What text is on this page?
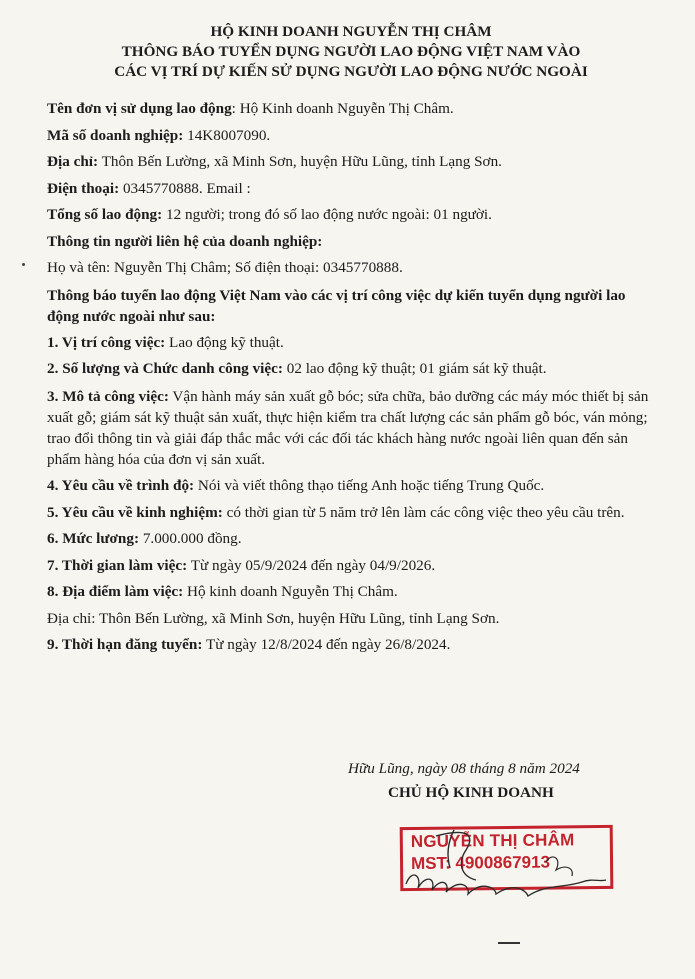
HỘ KINH DOANH NGUYỄN THỊ CHÂM
THÔNG BÁO TUYỂN DỤNG NGƯỜI LAO ĐỘNG VIỆT NAM VÀO
CÁC VỊ TRÍ DỰ KIẾN SỬ DỤNG NGƯỜI LAO ĐỘNG NƯỚC NGOÀI
Tên đơn vị sử dụng lao động: Hộ Kinh doanh Nguyễn Thị Châm.
Mã số doanh nghiệp: 14K8007090.
Địa chỉ: Thôn Bến Lường, xã Minh Sơn, huyện Hữu Lũng, tỉnh Lạng Sơn.
Điện thoại: 0345770888. Email :
Tổng số lao động: 12 người; trong đó số lao động nước ngoài: 01 người.
Thông tin người liên hệ của doanh nghiệp:
Họ và tên: Nguyễn Thị Châm; Số điện thoại: 0345770888.
Thông báo tuyển lao động Việt Nam vào các vị trí công việc dự kiến tuyển dụng người lao động nước ngoài như sau:
1. Vị trí công việc: Lao động kỹ thuật.
2. Số lượng và Chức danh công việc: 02 lao động kỹ thuật; 01 giám sát kỹ thuật.
3. Mô tả công việc: Vận hành máy sản xuất gỗ bóc; sửa chữa, bảo dưỡng các máy móc thiết bị sản xuất gỗ; giám sát kỹ thuật sản xuất, thực hiện kiểm tra chất lượng các sản phẩm gỗ bóc, ván mỏng; trao đổi thông tin và giải đáp thắc mắc với các đối tác khách hàng nước ngoài liên quan đến sản phẩm hàng hóa của đơn vị sản xuất.
4. Yêu cầu về trình độ: Nói và viết thông thạo tiếng Anh hoặc tiếng Trung Quốc.
5. Yêu cầu về kinh nghiệm: có thời gian từ 5 năm trở lên làm các công việc theo yêu cầu trên.
6. Mức lương: 7.000.000 đồng.
7. Thời gian làm việc: Từ ngày 05/9/2024 đến ngày 04/9/2026.
8. Địa điểm làm việc: Hộ kinh doanh Nguyễn Thị Châm.
Địa chỉ: Thôn Bến Lường, xã Minh Sơn, huyện Hữu Lũng, tỉnh Lạng Sơn.
9. Thời hạn đăng tuyển: Từ ngày 12/8/2024 đến ngày 26/8/2024.
Hữu Lũng, ngày 08 tháng 8 năm 2024
CHỦ HỘ KINH DOANH
NGUYỄN THỊ CHÂM
MST: 4900867913
